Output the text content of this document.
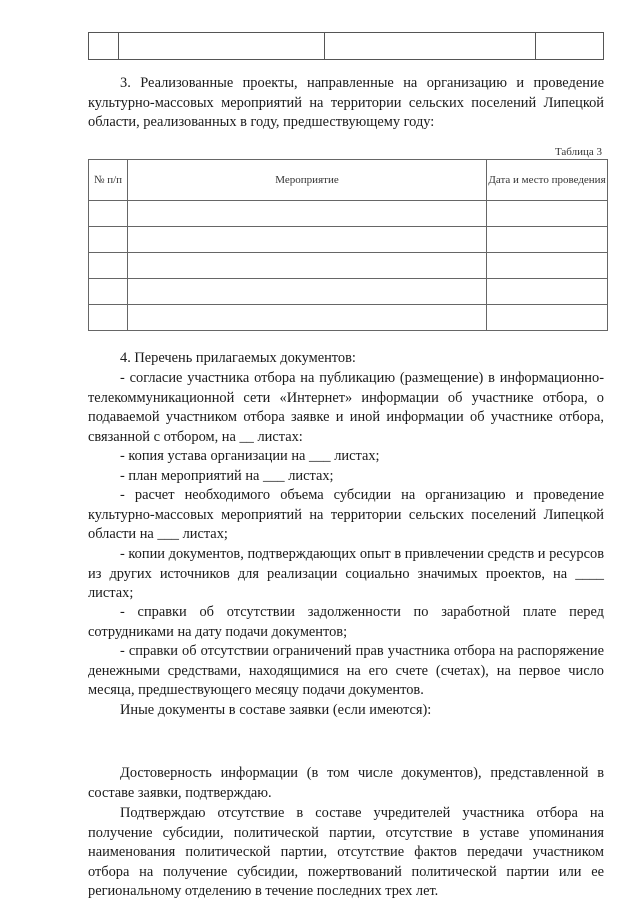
3. Реализованные проекты, направленные на организацию и проведение культурно-массовых мероприятий на территории сельских поселений Липецкой области, реализованных в году, предшествующему году:

Таблица 3
№ п/п	Мероприятие	Дата и место проведения

4. Перечень прилагаемых документов:

- согласие участника отбора на публикацию (размещение) в информационно-телекоммуникационной сети «Интернет» информации об участнике отбора, о подаваемой участником отбора заявке и иной информации об участнике отбора, связанной с отбором, на __ листах:

- копия устава организации на ___ листах;

- план мероприятий на ___ листах;

- расчет необходимого объема субсидии на организацию и проведение культурно-массовых мероприятий на территории сельских поселений Липецкой области на ___ листах;

- копии документов, подтверждающих опыт в привлечении средств и ресурсов из других источников для реализации социально значимых проектов, на ____ листах;

- справки об отсутствии задолженности по заработной плате перед сотрудниками на дату подачи документов;

- справки об отсутствии ограничений прав участника отбора на распоряжение денежными средствами, находящимися на его счете (счетах), на первое число месяца, предшествующего месяцу подачи документов.

Иные документы в составе заявки (если имеются):

Достоверность информации (в том числе документов), представленной в составе заявки, подтверждаю.

Подтверждаю отсутствие в составе учредителей участника отбора на получение субсидии, политической партии, отсутствие в уставе упоминания наименования политической партии, отсутствие фактов передачи участником отбора на получение субсидии, пожертвований политической партии или ее региональному отделению в течение последних трех лет.
